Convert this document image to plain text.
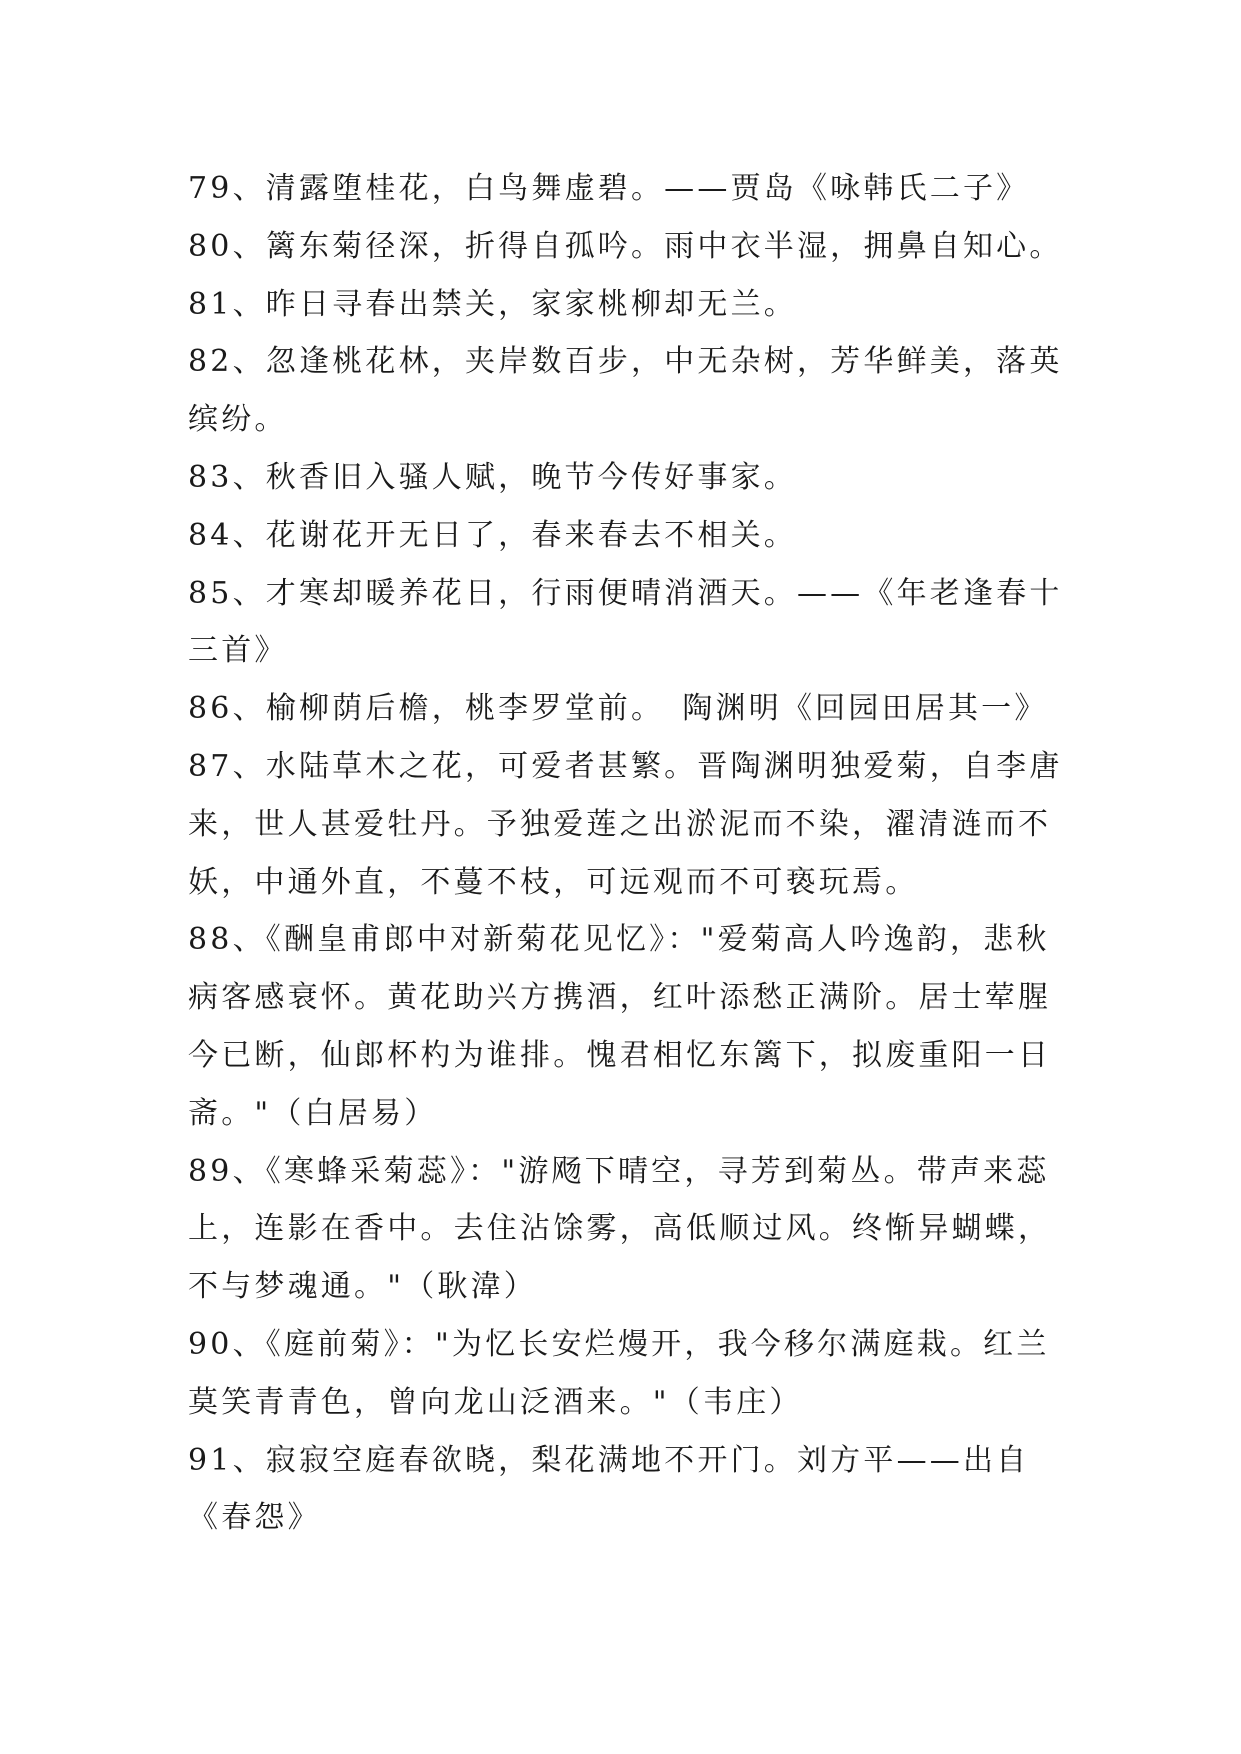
79、清露堕桂花，白鸟舞虚碧。——贾岛《咏韩氏二子》
80、篱东菊径深，折得自孤吟。雨中衣半湿，拥鼻自知心。
81、昨日寻春出禁关，家家桃柳却无兰。
82、忽逢桃花林，夹岸数百步，中无杂树，芳华鲜美，落英
缤纷。
83、秋香旧入骚人赋，晚节今传好事家。
84、花谢花开无日了，春来春去不相关。
85、才寒却暖养花日，行雨便晴消酒天。——《年老逢春十
三首》
86、榆柳荫后檐，桃李罗堂前。　陶渊明《回园田居其一》
87、水陆草木之花，可爱者甚繁。晋陶渊明独爱菊，自李唐
来，世人甚爱牡丹。予独爱莲之出淤泥而不染，濯清涟而不
妖，中通外直，不蔓不枝，可远观而不可亵玩焉。
88、《酬皇甫郎中对新菊花见忆》："爱菊高人吟逸韵，悲秋
病客感衰怀。黄花助兴方携酒，红叶添愁正满阶。居士荤腥
今已断，仙郎杯杓为谁排。愧君相忆东篱下，拟废重阳一日
斋。"（白居易）
89、《寒蜂采菊蕊》："游飏下晴空，寻芳到菊丛。带声来蕊
上，连影在香中。去住沾馀雾，高低顺过风。终惭异蝴蝶，
不与梦魂通。"（耿湋）
90、《庭前菊》："为忆长安烂熳开，我今移尔满庭栽。红兰
莫笑青青色，曾向龙山泛酒来。"（韦庄）
91、寂寂空庭春欲晓，梨花满地不开门。刘方平——出自
《春怨》
